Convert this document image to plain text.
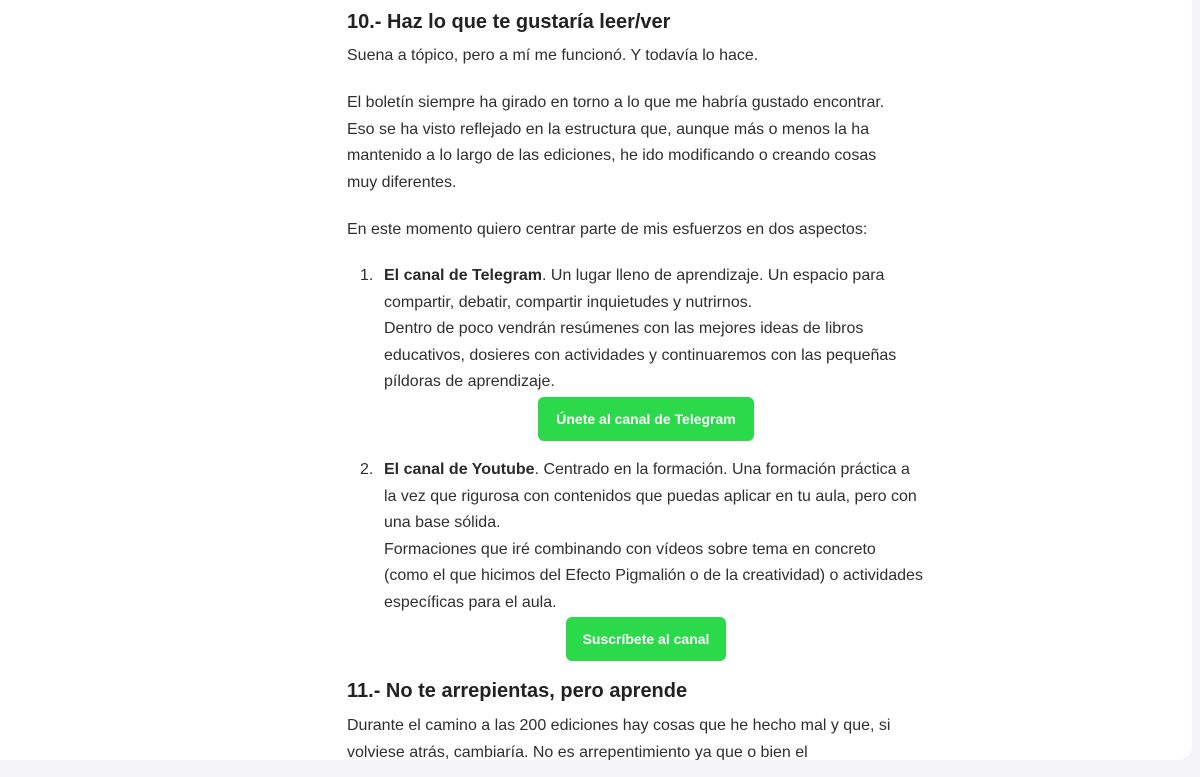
10.- Haz lo que te gustaría leer/ver

Suena a tópico, pero a mí me funcionó. Y todavía lo hace.

El boletín siempre ha girado en torno a lo que me habría gustado encontrar. Eso se ha visto reflejado en la estructura que, aunque más o menos la ha mantenido a lo largo de las ediciones, he ido modificando o creando cosas muy diferentes.

En este momento quiero centrar parte de mis esfuerzos en dos aspectos:

1. El canal de Telegram. Un lugar lleno de aprendizaje. Un espacio para compartir, debatir, compartir inquietudes y nutrirnos.
Dentro de poco vendrán resúmenes con las mejores ideas de libros educativos, dosieres con actividades y continuaremos con las pequeñas píldoras de aprendizaje.
Únete al canal de Telegram
2. El canal de Youtube. Centrado en la formación. Una formación práctica a la vez que rigurosa con contenidos que puedas aplicar en tu aula, pero con una base sólida.
Formaciones que iré combinando con vídeos sobre tema en concreto (como el que hicimos del Efecto Pigmalión o de la creatividad) o actividades específicas para el aula.
Suscríbete al canal
11.- No te arrepientas, pero aprende

Durante el camino a las 200 ediciones hay cosas que he hecho mal y que, si volviese atrás, cambiaría. No es arrepentimiento ya que o bien el
